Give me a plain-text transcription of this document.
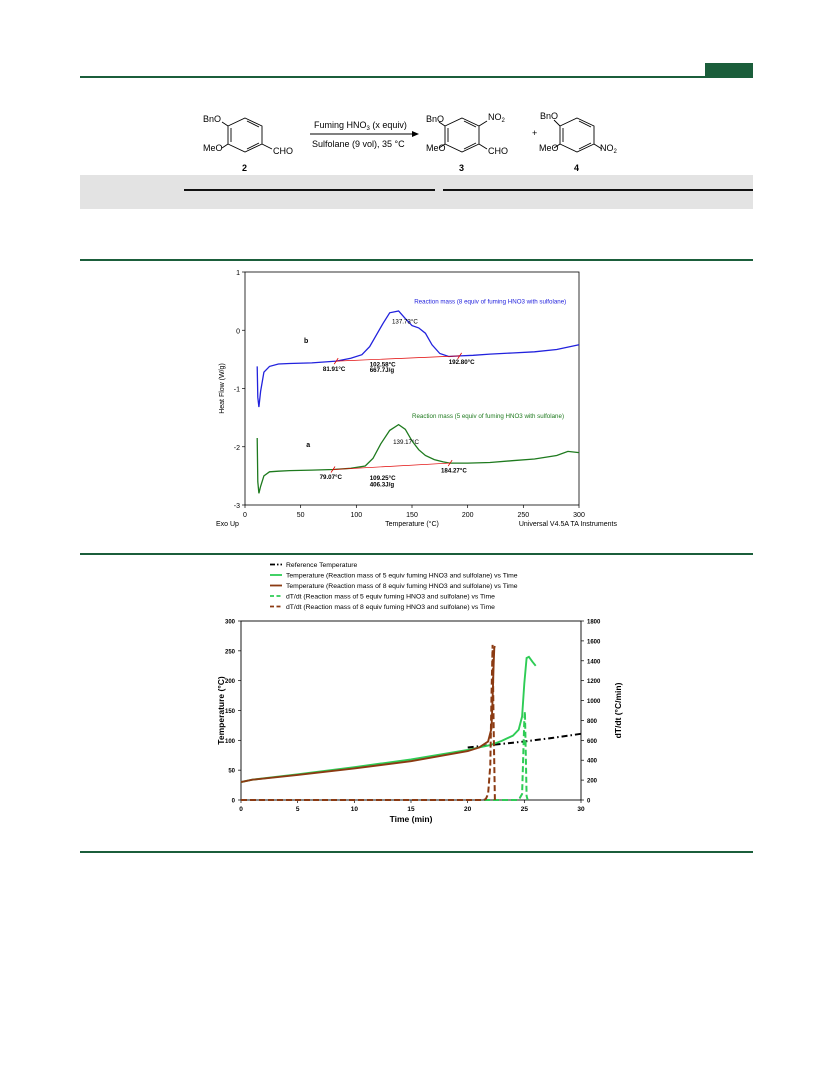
BnO
MeO	CHO
2
Fuming $HNO_3$ (x equiv)
Sulfolane (9 vol), 35 °C
BnO
MeO
$NO_2$
CHO
3
+
BnO
MeO	$NO_2$
4
0	50	100	150	200	250	300
1
0
-1
-2
-3
Temperature (°C)
Heat Flow (W/g)
Exo Up	Universal V4.5A TA Instruments
Reaction mass (8 equiv of fuming HNO3 with sulfolane)
b
137.73°C
81.91°C
102.58°C
667.7J/g
192.80°C
Reaction mass (5 equiv of fuming HNO3 with sulfolane)
a	139.17°C
79.07°C	109.25°C
406.3J/g
184.27°C
0	5	10	15	20	25	30
0
50
100
150
200
250
300
0
200
400
600
800
1000
1200
1400
1600
1800
Time (min)
Temperature (°C)	dT/dt (°C/min)
Reference Temperature
Temperature (Reaction mass of 5 equiv fuming HNO3 and sulfolane) vs Time
Temperature (Reaction mass of 8 equiv fuming HNO3 and sulfolane) vs Time
dT/dt (Reaction mass of 5 equiv fuming HNO3 and sulfolane) vs Time
dT/dt (Reaction mass of 8 equiv fuming HNO3 and sulfolane) vs Time
